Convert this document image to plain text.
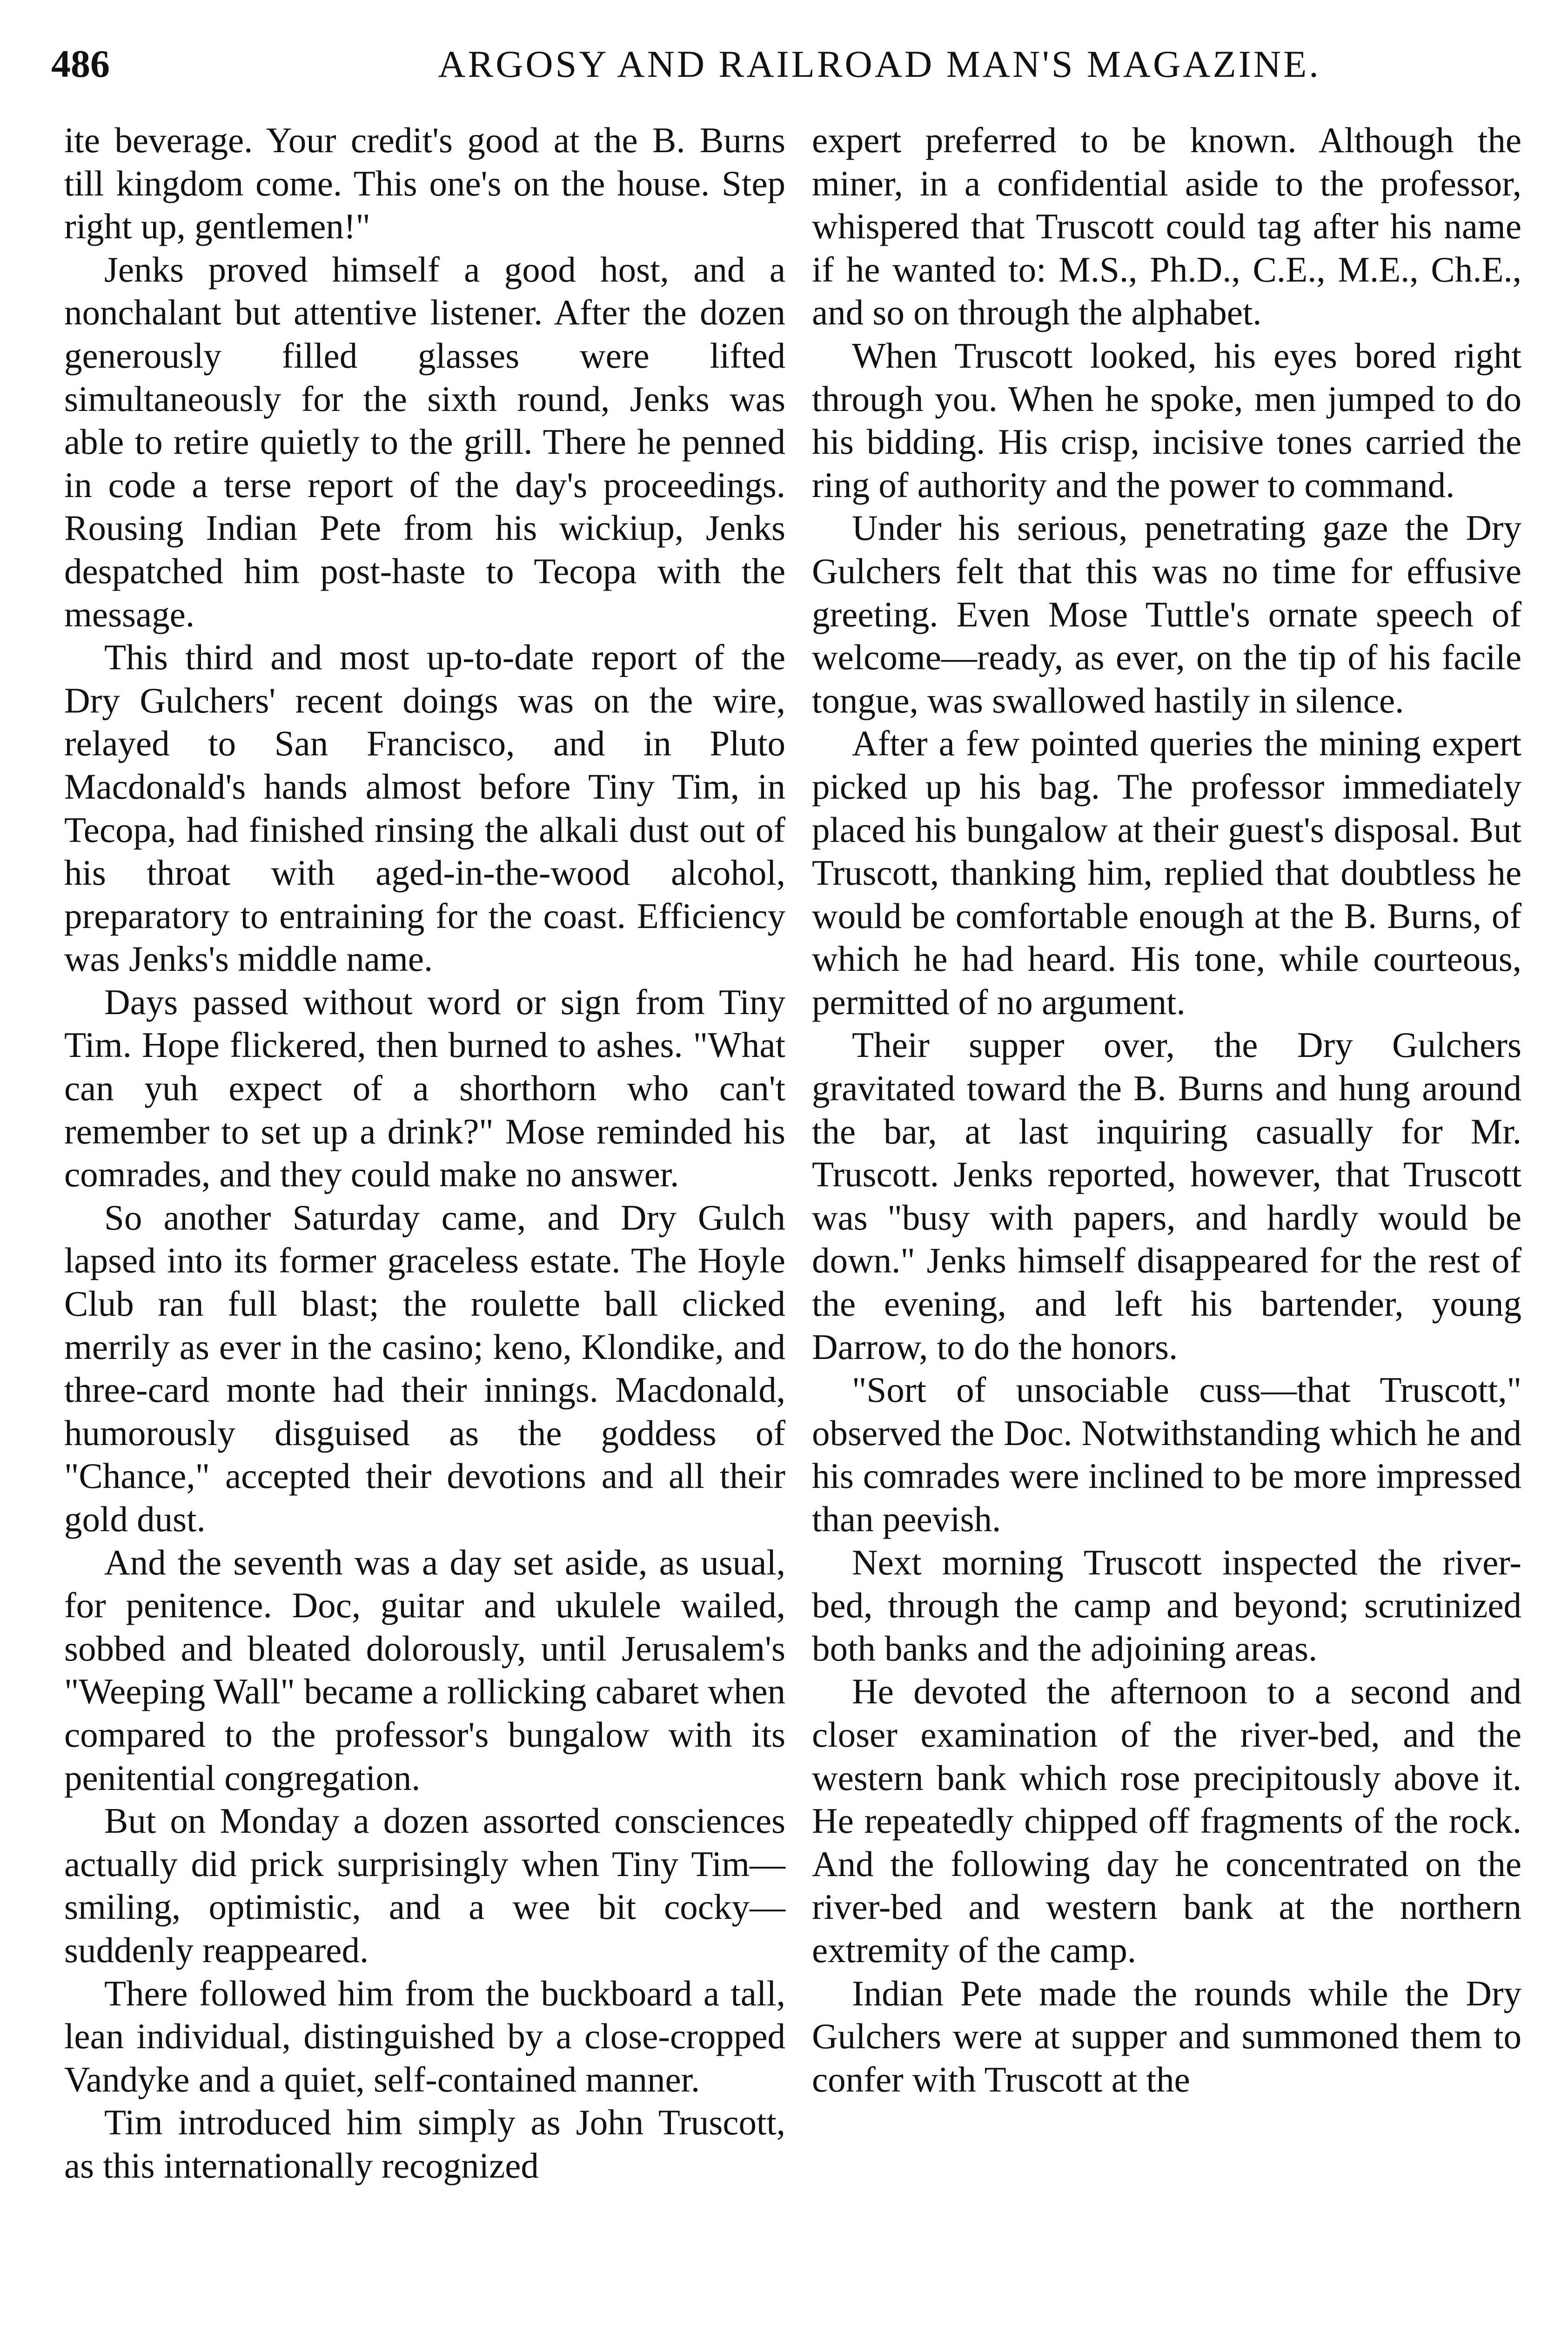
486	ARGOSY AND RAILROAD MAN'S MAGAZINE.

ite beverage. Your credit's good at the B. Burns till kingdom come. This one's on the house. Step right up, gentlemen!"

Jenks proved himself a good host, and a nonchalant but attentive listener. After the dozen generously filled glasses were lifted simultaneously for the sixth round, Jenks was able to retire quietly to the grill. There he penned in code a terse report of the day's proceedings. Rousing Indian Pete from his wickiup, Jenks despatched him post-haste to Tecopa with the message.

This third and most up-to-date report of the Dry Gulchers' recent doings was on the wire, relayed to San Francisco, and in Pluto Macdonald's hands almost before Tiny Tim, in Tecopa, had finished rinsing the alkali dust out of his throat with aged-in-the-wood alcohol, preparatory to entraining for the coast. Efficiency was Jenks's middle name.

Days passed without word or sign from Tiny Tim. Hope flickered, then burned to ashes. "What can yuh expect of a shorthorn who can't remember to set up a drink?" Mose reminded his comrades, and they could make no answer.

So another Saturday came, and Dry Gulch lapsed into its former graceless estate. The Hoyle Club ran full blast; the roulette ball clicked merrily as ever in the casino; keno, Klondike, and three-card monte had their innings. Macdonald, humorously disguised as the goddess of "Chance," accepted their devotions and all their gold dust.

And the seventh was a day set aside, as usual, for penitence. Doc, guitar and ukulele wailed, sobbed and bleated dolorously, until Jerusalem's "Weeping Wall" became a rollicking cabaret when compared to the professor's bungalow with its penitential congregation.

But on Monday a dozen assorted consciences actually did prick surprisingly when Tiny Tim—smiling, optimistic, and a wee bit cocky—suddenly reappeared.

There followed him from the buckboard a tall, lean individual, distinguished by a close-cropped Vandyke and a quiet, self-contained manner.

Tim introduced him simply as John Truscott, as this internationally recognized

expert preferred to be known. Although the miner, in a confidential aside to the professor, whispered that Truscott could tag after his name if he wanted to: M.S., Ph.D., C.E., M.E., Ch.E., and so on through the alphabet.

When Truscott looked, his eyes bored right through you. When he spoke, men jumped to do his bidding. His crisp, incisive tones carried the ring of authority and the power to command.

Under his serious, penetrating gaze the Dry Gulchers felt that this was no time for effusive greeting. Even Mose Tuttle's ornate speech of welcome—ready, as ever, on the tip of his facile tongue, was swallowed hastily in silence.

After a few pointed queries the mining expert picked up his bag. The professor immediately placed his bungalow at their guest's disposal. But Truscott, thanking him, replied that doubtless he would be comfortable enough at the B. Burns, of which he had heard. His tone, while courteous, permitted of no argument.

Their supper over, the Dry Gulchers gravitated toward the B. Burns and hung around the bar, at last inquiring casually for Mr. Truscott. Jenks reported, however, that Truscott was "busy with papers, and hardly would be down." Jenks himself disappeared for the rest of the evening, and left his bartender, young Darrow, to do the honors.

"Sort of unsociable cuss—that Truscott," observed the Doc. Notwithstanding which he and his comrades were inclined to be more impressed than peevish.

Next morning Truscott inspected the river-bed, through the camp and beyond; scrutinized both banks and the adjoining areas.

He devoted the afternoon to a second and closer examination of the river-bed, and the western bank which rose precipitously above it. He repeatedly chipped off fragments of the rock. And the following day he concentrated on the river-bed and western bank at the northern extremity of the camp.

Indian Pete made the rounds while the Dry Gulchers were at supper and summoned them to confer with Truscott at the
